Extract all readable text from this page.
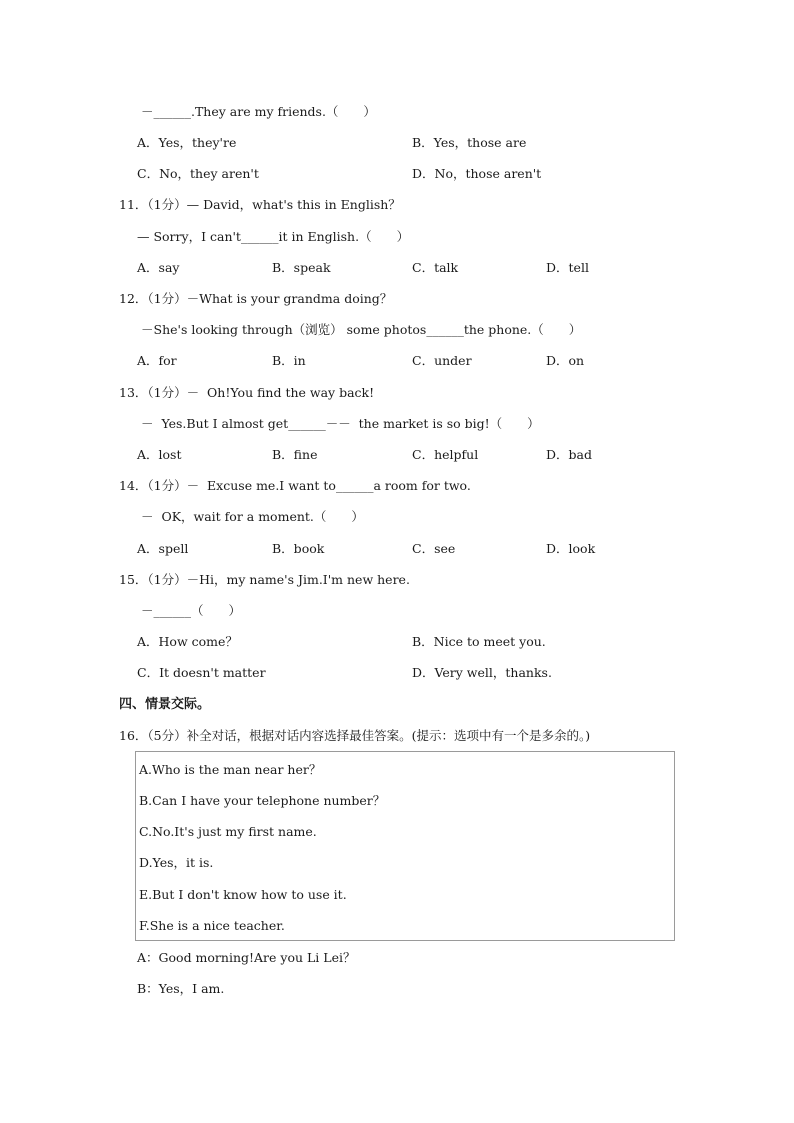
－______.They are my friends.（　　）
A．Yes，they're	B．Yes，those are
C．No，they aren't	D．No，those aren't
11．（1分）— David，what's this in English？
— Sorry，I can't______it in English.（　　）
A．say	B．speak	C．talk	D．tell
12．（1分）－What is your grandma doing？
－She's looking through（浏览） some photos______the phone.（　　）
A．for	B．in	C．under	D．on
13．（1分）－  Oh!You find the way back!
－  Yes.But I almost get______－－  the market is so big!（　　）
A．lost	B．fine	C．helpful	D．bad
14．（1分）－  Excuse me.I want to______a room for two.
－  OK，wait for a moment.（　　）
A．spell	B．book	C．see	D．look
15．（1分）－Hi，my name's Jim.I'm new here.
－______（　　）
A．How come？	B．Nice to meet you.
C．It doesn't matter	D．Very well，thanks.
四、情景交际。
16．（5分）补全对话，根据对话内容选择最佳答案。(提示：选项中有一个是多余的。)
A.Who is the man near her？
B.Can I have your telephone number？
C.No.It's just my first name.
D.Yes，it is.
E.But I don't know how to use it.
F.She is a nice teacher.
A：Good morning!Are you Li Lei？
B：Yes，I am.
